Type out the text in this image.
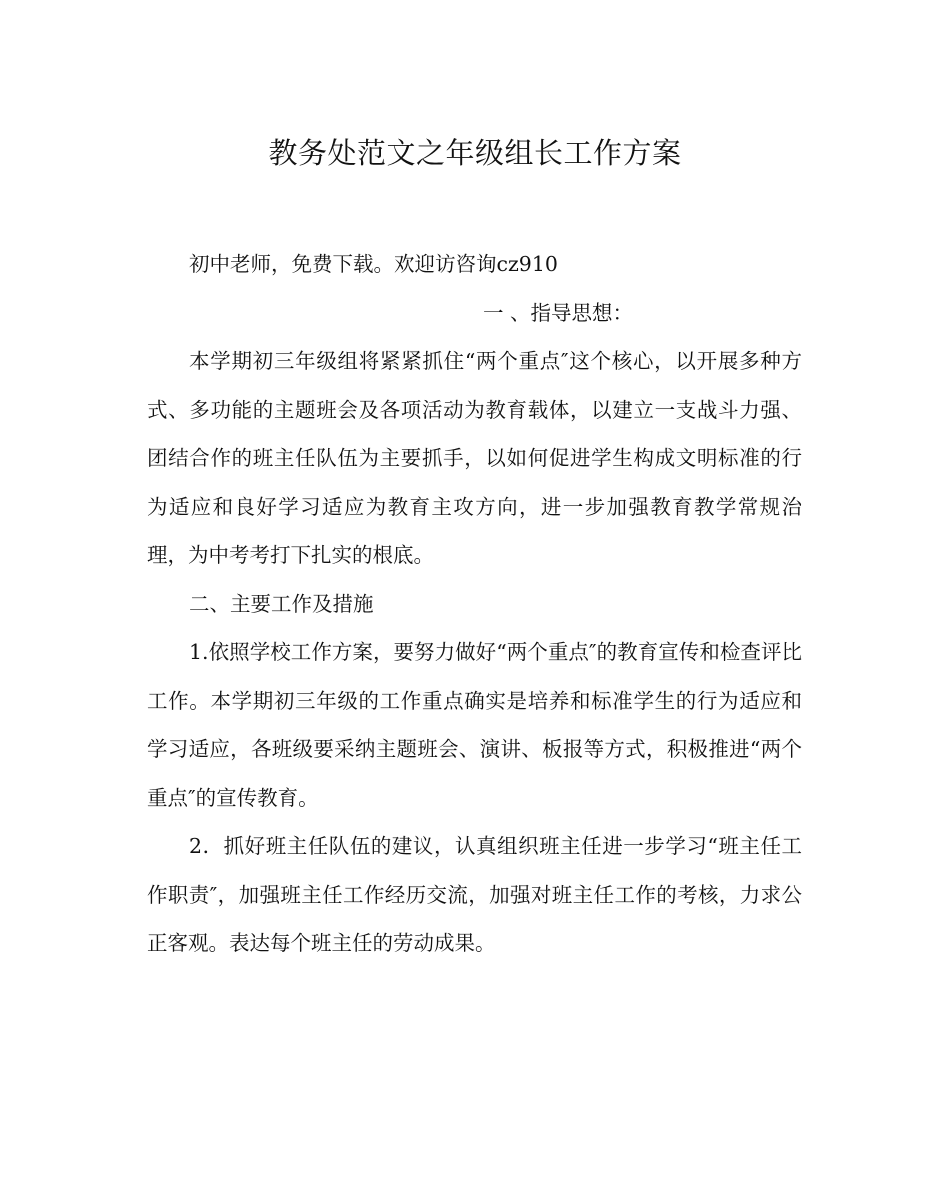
教务处范文之年级组长工作方案

初中老师，免费下载。欢迎访咨询cz910

一 、指导思想：

本学期初三年级组将紧紧抓住“两个重点″这个核心，以开展多种方式、多功能的主题班会及各项活动为教育载体，以建立一支战斗力强、团结合作的班主任队伍为主要抓手，以如何促进学生构成文明标准的行为适应和良好学习适应为教育主攻方向，进一步加强教育教学常规治理，为中考考打下扎实的根底。

二、主要工作及措施

1.依照学校工作方案，要努力做好“两个重点″的教育宣传和检查评比工作。本学期初三年级的工作重点确实是培养和标准学生的行为适应和学习适应，各班级要采纳主题班会、演讲、板报等方式，积极推进“两个重点″的宣传教育。

2．抓好班主任队伍的建议，认真组织班主任进一步学习“班主任工作职责″，加强班主任工作经历交流，加强对班主任工作的考核，力求公正客观。表达每个班主任的劳动成果。
